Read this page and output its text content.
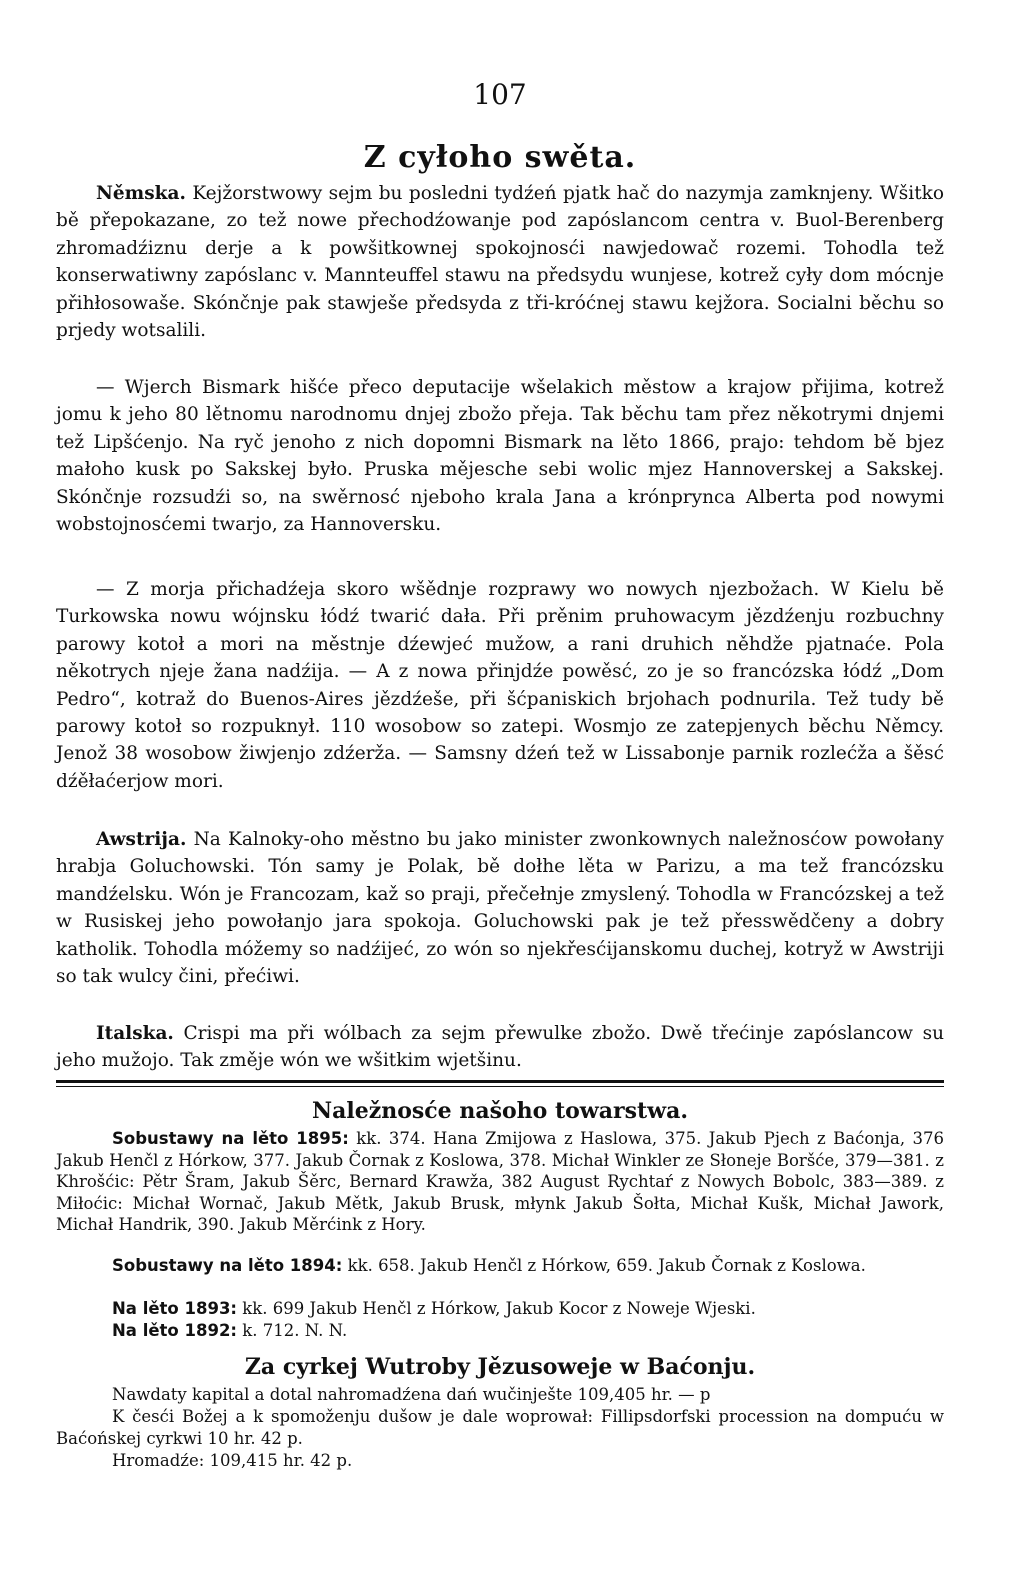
107
Z cyłoho swěta.

Němska. Kejžorstwowy sejm bu posledni tydźeń pjatk hač do nazymja zamknjeny. Wšitko bě přepokazane, zo tež nowe přechodźowanje pod zapóslancom centra v. Buol-Berenberg zhromadźiznu derje a k powšitkownej spokojnosći nawjedowač rozemi. Tohodla tež konserwatiwny zapóslanc v. Mannteuffel stawu na předsydu wunjese, kotrež cyły dom mócnje přihłosowaše. Skónčnje pak stawješe předsyda z tři-króćnej stawu kejžora. Socialni běchu so prjedy wotsalili.

— Wjerch Bismark hišće přeco deputacije wšelakich městow a krajow přijima, kotrež jomu k jeho 80 lětnomu narodnomu dnjej zbožo přeja. Tak běchu tam přez někotrymi dnjemi tež Lipšćenjo. Na ryč jenoho z nich dopomni Bismark na lěto 1866, prajo: tehdom bě bjez małoho kusk po Sakskej było. Pruska mějesche sebi wolic mjez Hannoverskej a Sakskej. Skónčnje rozsudźi so, na swěrnosć njeboho krala Jana a krónprynca Alberta pod nowymi wobstojnosćemi twarjo, za Hannoversku.

— Z morja přichadźeja skoro wšědnje rozprawy wo nowych njezbožach. W Kielu bě Turkowska nowu wójnsku łódź twarić dała. Při prěnim pruhowacym jězdźenju rozbuchny parowy kotoł a mori na městnje dźewjeć mužow, a rani druhich něhdže pjatnaće. Pola někotrych njeje žana nadźija. — A z nowa přinjdźe powěsć, zo je so francózska łódź „Dom Pedro“, kotraž do Buenos-Aires jězdźeše, při šćpaniskich brjohach podnurila. Tež tudy bě parowy kotoł so rozpuknył. 110 wosobow so zatepi. Wosmjo ze zatepjenych běchu Němcy. Jenož 38 wosobow žiwjenjo zdźerža. — Samsny dźeń tež w Lissabonje parnik rozlećža a šěsć dźěłaćerjow mori.

Awstrija. Na Kalnoky-oho městno bu jako minister zwonkownych naležnosćow powołany hrabja Goluchowski. Tón samy je Polak, bě dołhe lěta w Parizu, a ma tež francózsku mandźelsku. Wón je Francozam, kaž so praji, přečełnje zmyslený. Tohodla w Francózskej a tež w Rusiskej jeho powołanjo jara spokoja. Goluchowski pak je tež přesswědčeny a dobry katholik. Tohodla móžemy so nadźijeć, zo wón so njekřesćijanskomu duchej, kotryž w Awstriji so tak wulcy čini, přećiwi.

Italska. Crispi ma při wólbach za sejm přewulke zbožo. Dwě třećinje zapóslancow su jeho mužojo. Tak změje wón we wšitkim wjetšinu.

Naležnosće našoho towarstwa.

Sobustawy na lěto 1895: kk. 374. Hana Zmijowa z Haslowa, 375. Jakub Pjech z Baćonja, 376 Jakub Henčl z Hórkow, 377. Jakub Čornak z Koslowa, 378. Michał Winkler ze Słoneje Boršće, 379—381. z Khrošćic: Pětr Šram, Jakub Šěrc, Bernard Krawža, 382 August Rychtaŕ z Nowych Bobolc, 383—389. z Miłoćic: Michał Wornač, Jakub Mětk, Jakub Brusk, młynk Jakub Šołta, Michał Kušk, Michał Jawork, Michał Handrik, 390. Jakub Měrćink z Hory.

Sobustawy na lěto 1894: kk. 658. Jakub Henčl z Hórkow, 659. Jakub Čornak z Koslowa.

Na lěto 1893: kk. 699 Jakub Henčl z Hórkow, Jakub Kocor z Noweje Wjeski.

Na lěto 1892: k. 712. N. N.

Za cyrkej Wutroby Jězusoweje w Baćonju.

Nawdaty kapital a dotal nahromadźena dań wučinješte 109,405 hr. — p

K česći Božej a k spomoženju dušow je dale woprował: Fillipsdorfski procession na dompuću w Baćońskej cyrkwi 10 hr. 42 p.

Hromadźe: 109,415 hr. 42 p.
